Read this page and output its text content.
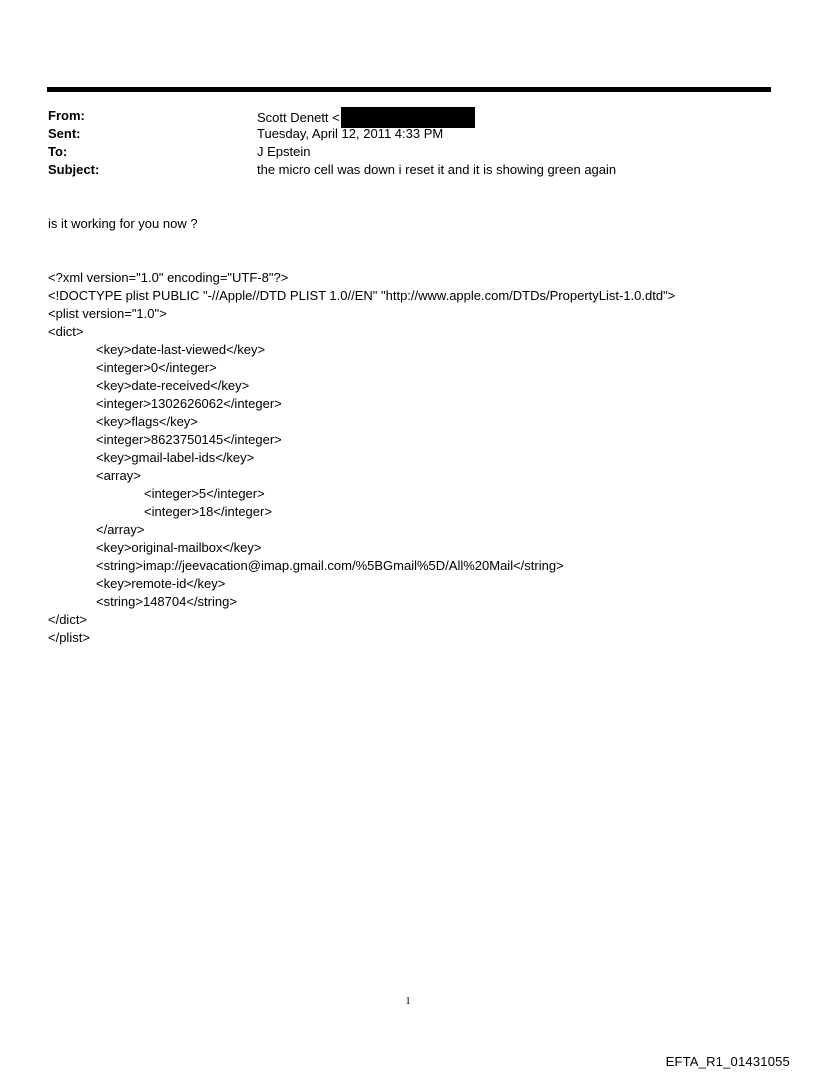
From:	Scott Denett <
Sent:	Tuesday, April 12, 2011 4:33 PM
To:	J Epstein
Subject:	the micro cell was down i reset it and it is showing green again
is it working for you now ?
<?xml version="1.0" encoding="UTF-8"?>
<!DOCTYPE plist PUBLIC "-//Apple//DTD PLIST 1.0//EN" "http://www.apple.com/DTDs/PropertyList-1.0.dtd">
<plist version="1.0">
<dict>
<key>date-last-viewed</key>
<integer>0</integer>
<key>date-received</key>
<integer>1302626062</integer>
<key>flags</key>
<integer>8623750145</integer>
<key>gmail-label-ids</key>
<array>
<integer>5</integer>
<integer>18</integer>
</array>
<key>original-mailbox</key>
<string>imap://jeevacation@imap.gmail.com/%5BGmail%5D/All%20Mail</string>
<key>remote-id</key>
<string>148704</string>
</dict>
</plist>
1
EFTA_R1_01431055
